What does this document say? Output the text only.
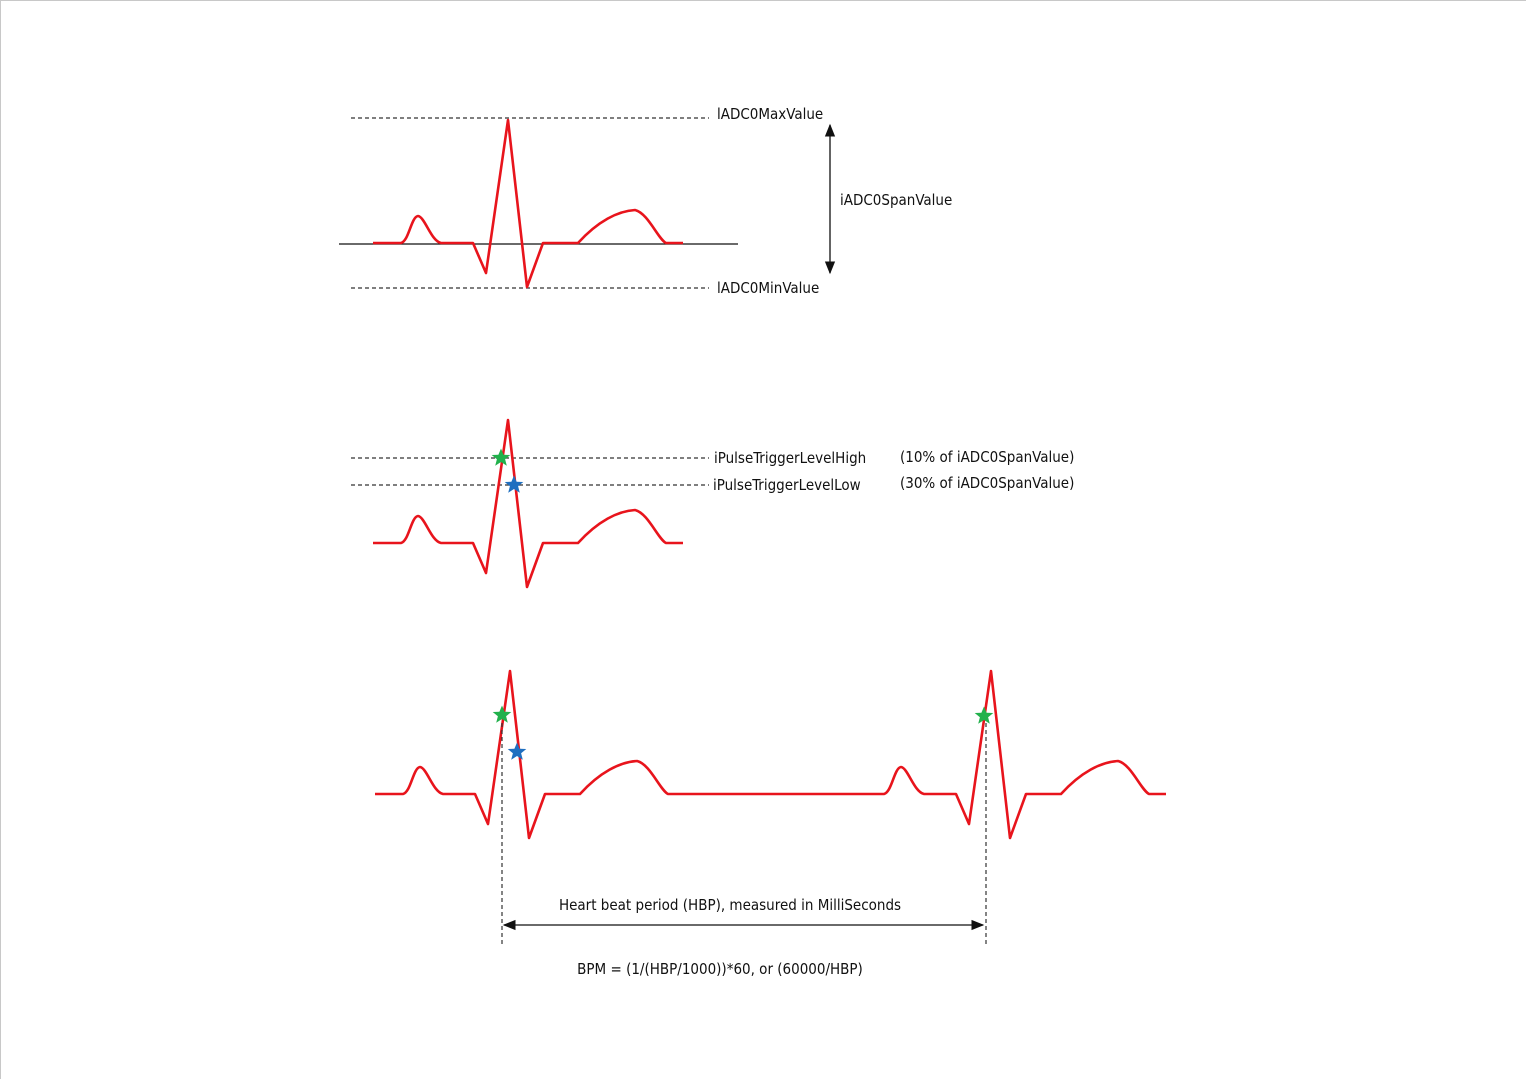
lADC0MaxValue
lADC0MinValue
iADC0SpanValue
iPulseTriggerLevelHigh (10% of iADC0SpanValue)
iPulseTriggerLevelLow	(30% of iADC0SpanValue)
Heart beat period (HBP), measured in MilliSeconds
BPM = (1/(HBP/1000))*60, or (60000/HBP)
